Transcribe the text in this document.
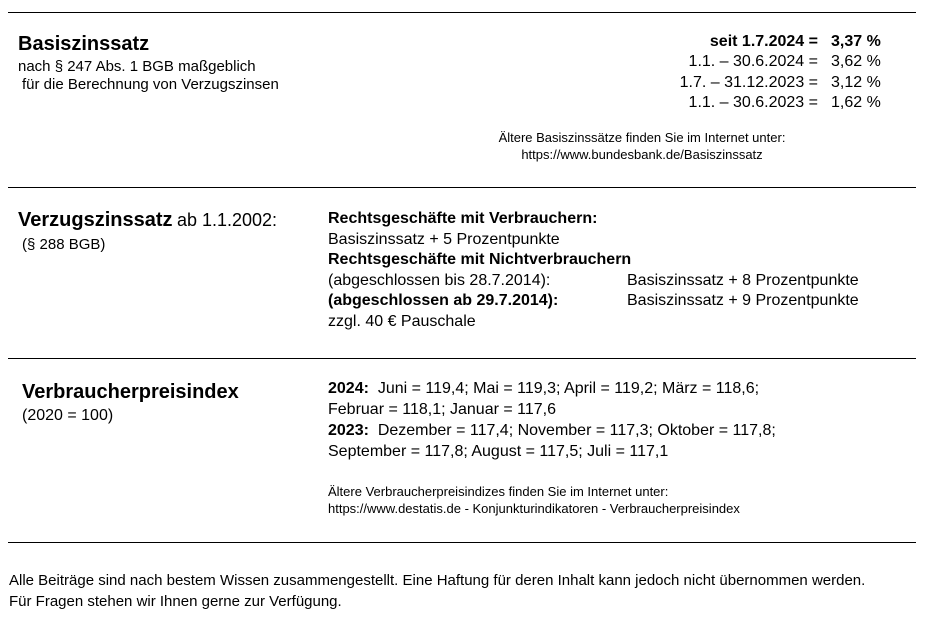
Basiszinssatz
nach § 247 Abs. 1 BGB maßgeblich
für die Berechnung von Verzugszinsen
seit 1.7.2024 = 3,37 %
1.1. – 30.6.2024 = 3,62 %
1.7. – 31.12.2023 = 3,12 %
1.1. – 30.6.2023 = 1,62 %
Ältere Basiszinssätze finden Sie im Internet unter:
https://www.bundesbank.de/Basiszinssatz
Verzugszinssatz ab 1.1.2002:
(§ 288 BGB)
Rechtsgeschäfte mit Verbrauchern:
Basiszinssatz + 5 Prozentpunkte
Rechtsgeschäfte mit Nichtverbrauchern
(abgeschlossen bis 28.7.2014):	Basiszinssatz + 8 Prozentpunkte
(abgeschlossen ab 29.7.2014):	Basiszinssatz + 9 Prozentpunkte
zzgl. 40 € Pauschale
Verbraucherpreisindex
(2020 = 100)
2024: Juni = 119,4; Mai = 119,3; April = 119,2; März = 118,6;
Februar = 118,1; Januar = 117,6
2023: Dezember = 117,4; November = 117,3; Oktober = 117,8;
September = 117,8; August = 117,5; Juli = 117,1
Ältere Verbraucherpreisindizes finden Sie im Internet unter:
https://www.destatis.de - Konjunkturindikatoren - Verbraucherpreisindex
Alle Beiträge sind nach bestem Wissen zusammengestellt. Eine Haftung für deren Inhalt kann jedoch nicht übernommen werden.
Für Fragen stehen wir Ihnen gerne zur Verfügung.
